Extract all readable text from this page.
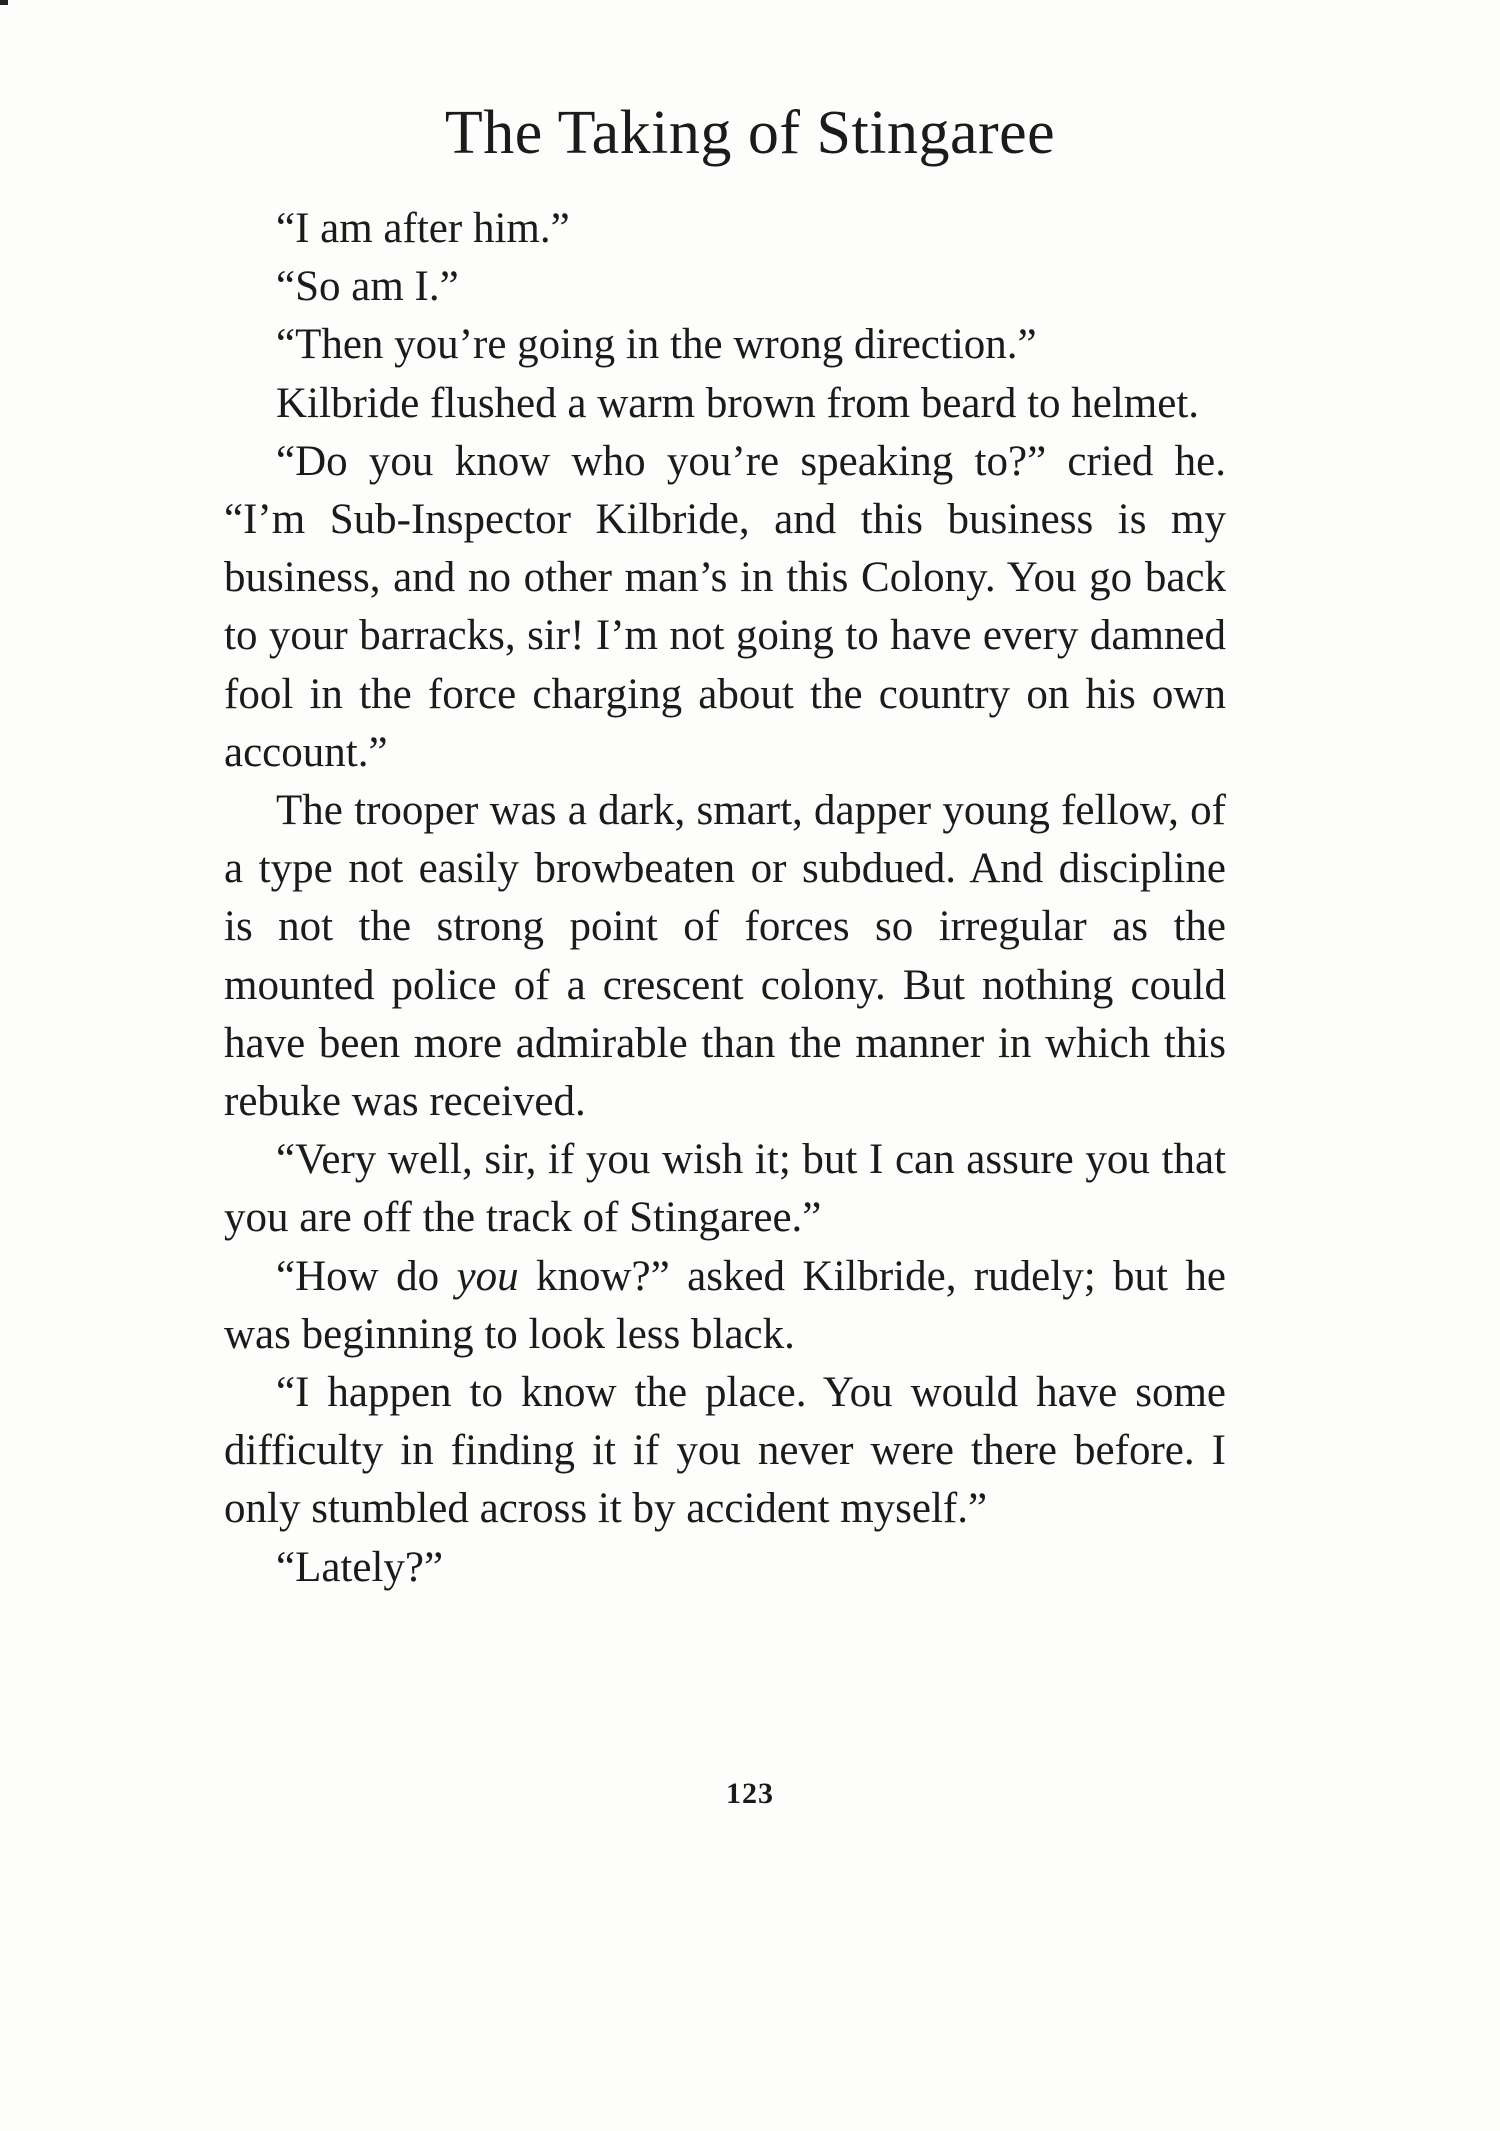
The Taking of Stingaree

“I am after him.”

“So am I.”

“Then you’re going in the wrong direction.”

Kilbride flushed a warm brown from beard to helmet.

“Do you know who you’re speaking to?” cried he. “I’m Sub-Inspector Kilbride, and this business is my business, and no other man’s in this Colony. You go back to your barracks, sir! I’m not going to have every damned fool in the force charging about the country on his own account.”

The trooper was a dark, smart, dapper young fellow, of a type not easily browbeaten or subdued. And discipline is not the strong point of forces so irregular as the mounted police of a crescent colony. But nothing could have been more admirable than the manner in which this rebuke was received.

“Very well, sir, if you wish it; but I can assure you that you are off the track of Stingaree.”

“How do you know?” asked Kilbride, rudely; but he was beginning to look less black.

“I happen to know the place. You would have some difficulty in finding it if you never were there before. I only stumbled across it by accident myself.”

“Lately?”

123
